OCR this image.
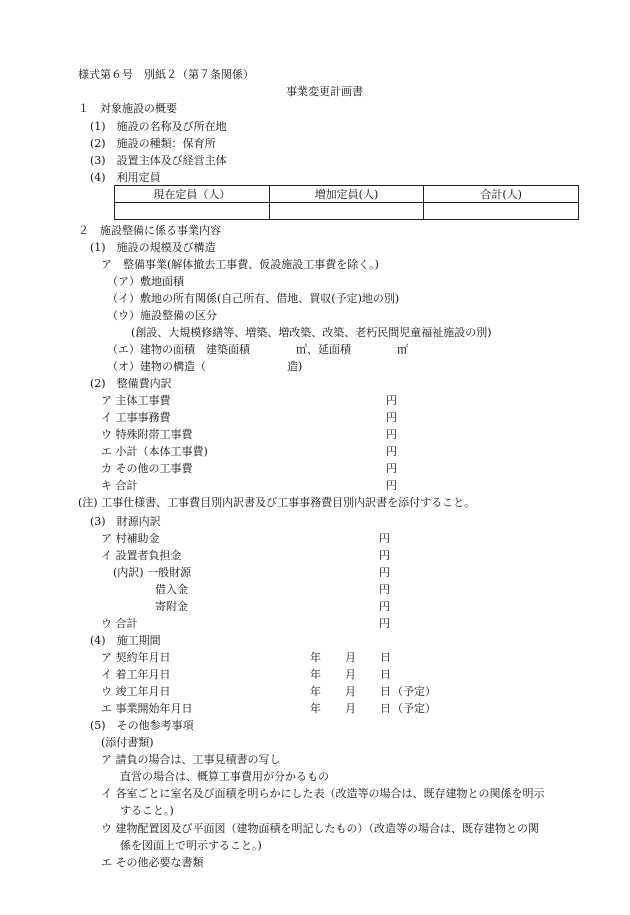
様式第６号　別紙２（第７条関係）
事業変更計画書
１　対象施設の概要
(1)　施設の名称及び所在地
(2)　施設の種類：保育所
(3)　設置主体及び経営主体
(4)　利用定員
現在定員（人）	増加定員(人)	合計(人)

２　施設整備に係る事業内容
(1)　施設の規模及び構造
ア　整備事業(解体撤去工事費、仮設施設工事費を除く。)
（ア）敷地面積
（イ）敷地の所有関係(自己所有、借地、買収(予定)地の別)
（ウ）施設整備の区分
(創設、大規模修繕等、増築、増改築、改築、老朽民間児童福祉施設の別)
（エ）建物の面積　建築面積	㎡、延面積	㎡
（オ）建物の構造（	造)
(2)　整備費内訳
ア 主体工事費	円
イ 工事事務費	円
ウ 特殊附帯工事費	円
エ 小計（本体工事費)	円
カ その他の工事費	円
キ 合計	円
(注) 工事仕様書、工事費目別内訳書及び工事事務費目別内訳書を添付すること。
(3)　財源内訳
ア 村補助金	円
イ 設置者負担金	円
(内訳) 一般財源	円
借入金	円
寄附金	円
ウ 合計	円
(4)　施工期間
ア 契約年月日	年 月 日
イ 着工年月日	年 月 日
ウ 竣工年月日	年 月 日 （予定）
エ 事業開始年月日	年 月 日 （予定）
(5)　その他参考事項
(添付書類)
ア 請負の場合は、工事見積書の写し
直営の場合は、概算工事費用が分かるもの
イ 各室ごとに室名及び面積を明らかにした表（改造等の場合は、既存建物との関係を明示
すること。)
ウ 建物配置図及び平面図（建物面積を明記したもの）（改造等の場合は、既存建物との関
係を図面上で明示すること。)
エ その他必要な書類
